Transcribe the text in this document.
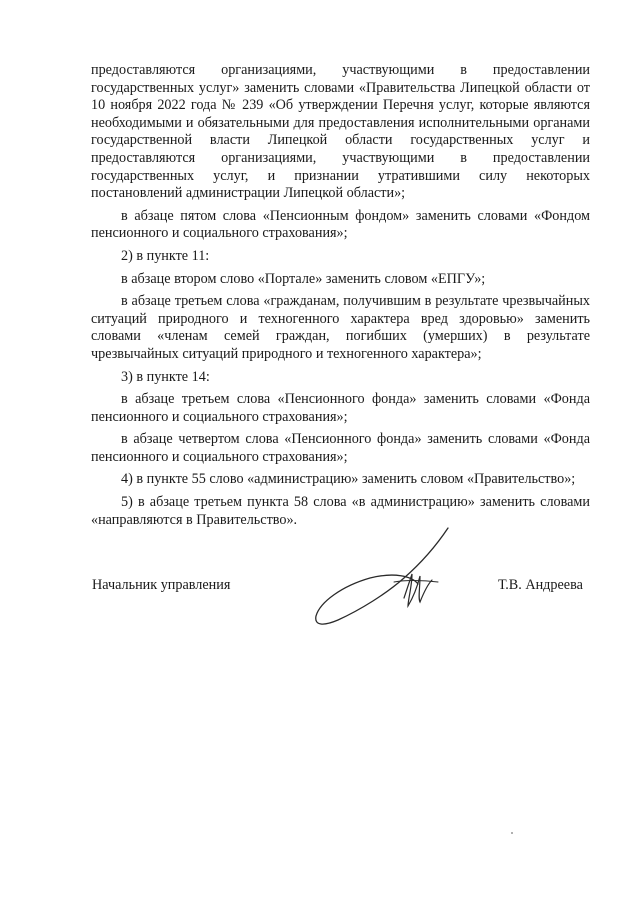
предоставляются организациями, участвующими в предоставлении государственных услуг» заменить словами «Правительства Липецкой области от 10 ноября 2022 года № 239 «Об утверждении Перечня услуг, которые являются необходимыми и обязательными для предоставления исполнительными органами государственной власти Липецкой области государственных услуг и предоставляются организациями, участвующими в предоставлении государственных услуг, и признании утратившими силу некоторых постановлений администрации Липецкой области»;

в абзаце пятом слова «Пенсионным фондом» заменить словами «Фондом пенсионного и социального страхования»;

2) в пункте 11:

в абзаце втором слово «Портале» заменить словом «ЕПГУ»;

в абзаце третьем слова «гражданам, получившим в результате чрезвычайных ситуаций природного и техногенного характера вред здоровью» заменить словами «членам семей граждан, погибших (умерших) в результате чрезвычайных ситуаций природного и техногенного характера»;

3) в пункте 14:

в абзаце третьем слова «Пенсионного фонда» заменить словами «Фонда пенсионного и социального страхования»;

в абзаце четвертом слова «Пенсионного фонда» заменить словами «Фонда пенсионного и социального страхования»;

4) в пункте 55 слово «администрацию» заменить словом «Правительство»;

5) в абзаце третьем пункта 58 слова «в администрацию» заменить словами «направляются в Правительство».

Начальник управления	Т.В. Андреева
